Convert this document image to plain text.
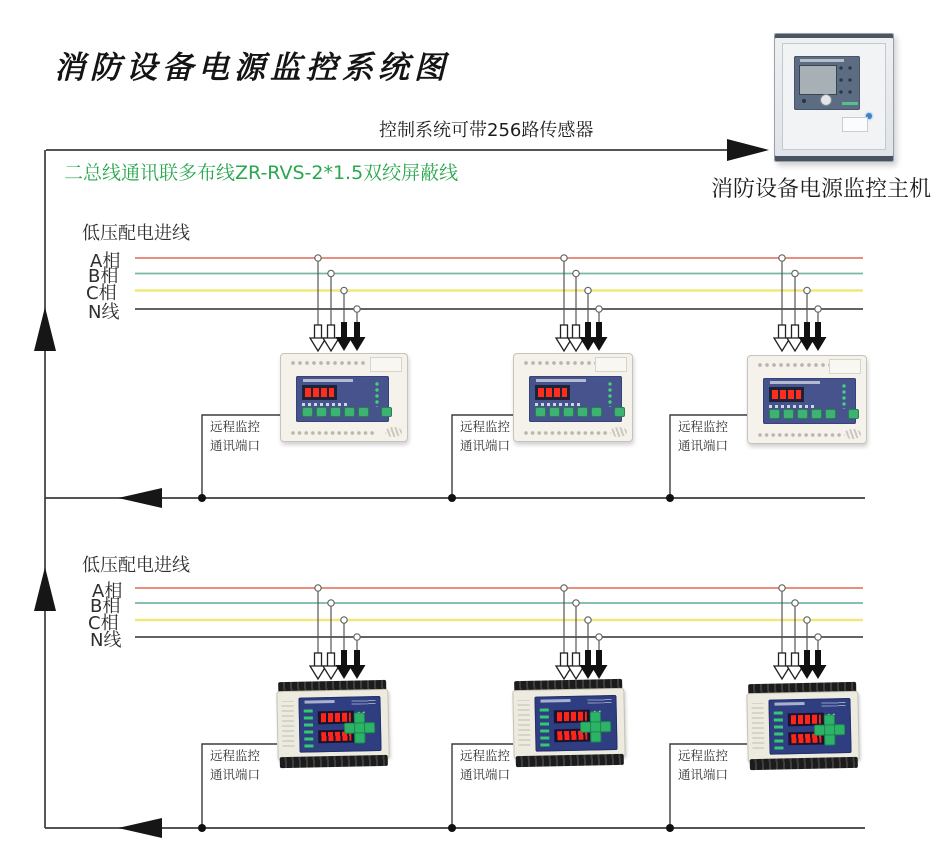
消防设备电源监控系统图
控制系统可带256路传感器
二总线通讯联多布线ZR-RVS-2*1.5双绞屏蔽线
消防设备电源监控主机
低压配电进线
A相
B相
C相
N线
低压配电进线
A相
B相
C相
N线
远程监控
通讯端口
远程监控
通讯端口
远程监控
通讯端口
远程监控
通讯端口
远程监控
通讯端口
远程监控
通讯端口
